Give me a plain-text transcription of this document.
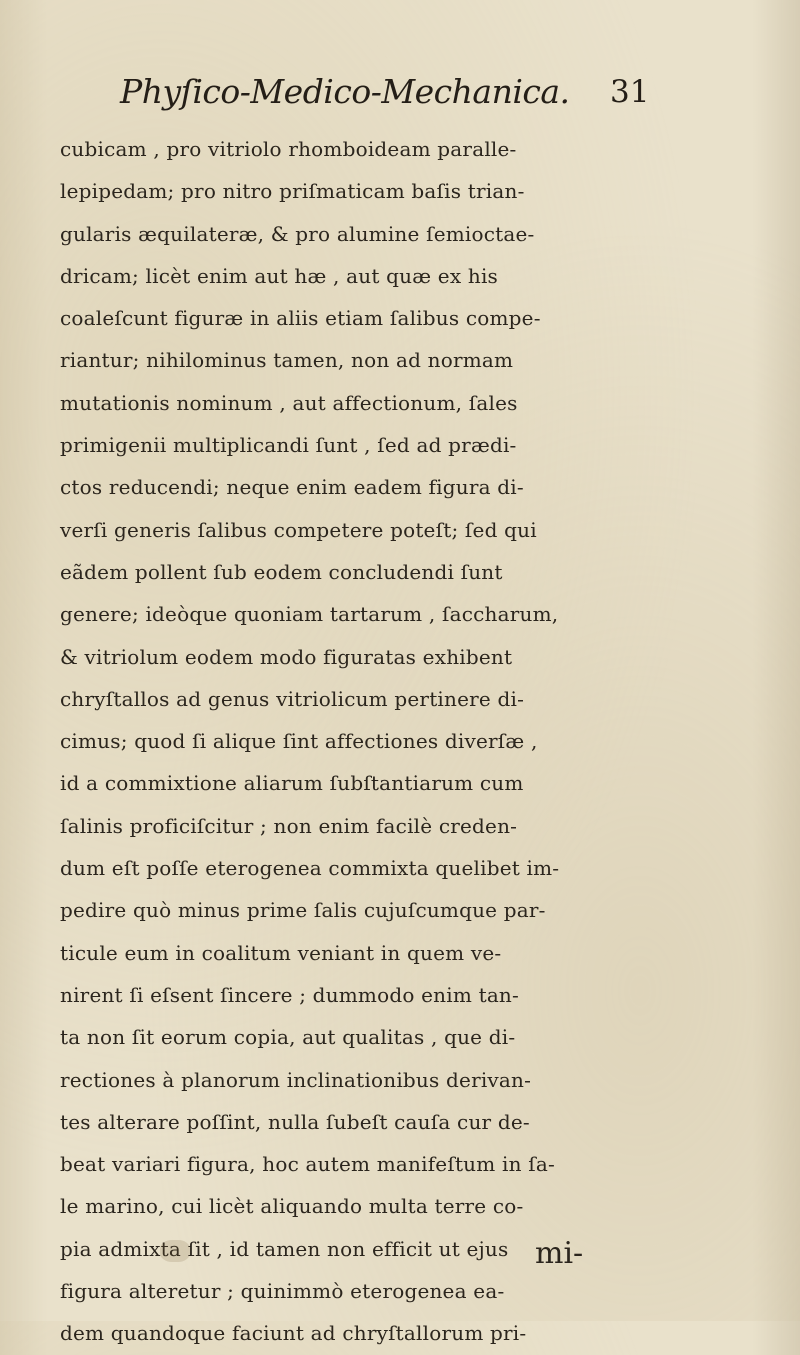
Phyſico-Medico-Mechanica. 31
cubicam , pro vitriolo rhomboideam paralle-
lepipedam; pro nitro priſmaticam baſis trian-
gularis æquilateræ, & pro alumine ſemioctae-
dricam; licèt enim aut hæ , aut quæ ex his
coaleſcunt figuræ in aliis etiam ſalibus compe-
riantur; nihilominus tamen, non ad normam
mutationis nominum , aut affectionum, ſales
primigenii multiplicandi ſunt , ſed ad prædi-
ctos reducendi; neque enim eadem figura di-
verſi generis ſalibus competere poteſt; ſed qui
eãdem pollent ſub eodem concludendi ſunt
genere; ideòque quoniam tartarum , ſaccharum,
& vitriolum eodem modo figuratas exhibent
chryſtallos ad genus vitriolicum pertinere di-
cimus; quod ſi alique ſint affectiones diverſæ ,
id a commixtione aliarum ſubſtantiarum cum
ſalinis proficiſcitur ; non enim facilè creden-
dum eſt poſſe eterogenea commixta quelibet im-
pedire quò minus prime ſalis cujuſcumque par-
ticule eum in coalitum veniant in quem ve-
nirent ſi eſsent ſincere ; dummodo enim tan-
ta non ſit eorum copia, aut qualitas , que di-
rectiones à planorum inclinationibus derivan-
tes alterare poſſint, nulla ſubeſt cauſa cur de-
beat variari figura, hoc autem manifeſtum in ſa-
le marino, cui licèt aliquando multa terre co-
pia admixta ſit , id tamen non efficit ut ejus
figura alteretur ; quinimmò eterogenea ea-
dem quandoque faciunt ad chryſtallorum pri-
mi-
